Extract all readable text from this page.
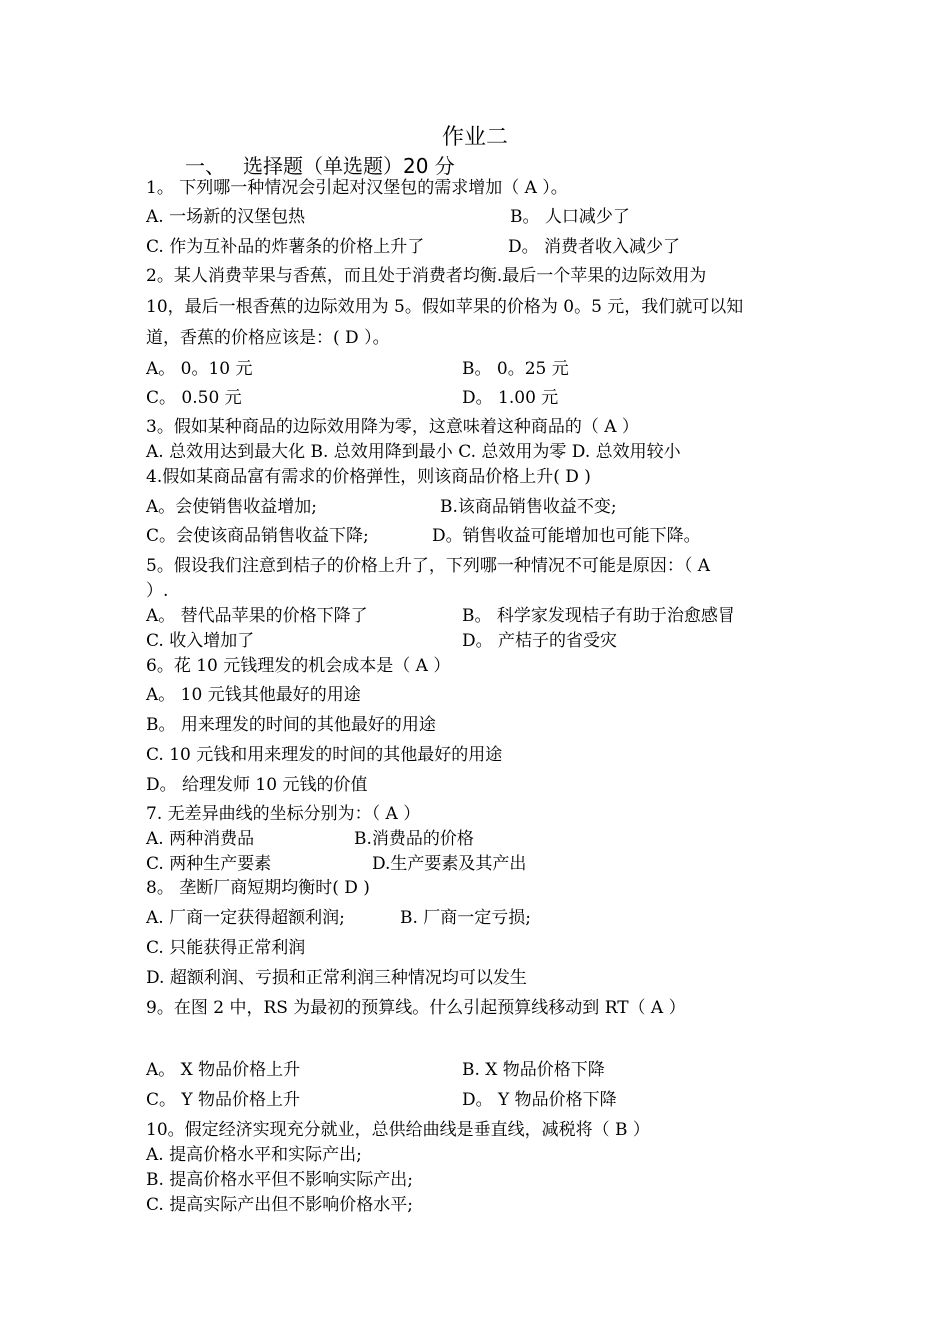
作业二
一、 选择题（单选题）20 分
1。 下列哪一种情况会引起对汉堡包的需求增加（ A ）。
A. 一场新的汉堡包热	B。 人口减少了
C. 作为互补品的炸薯条的价格上升了	D。 消费者收入减少了
2。某人消费苹果与香蕉，而且处于消费者均衡.最后一个苹果的边际效用为
10，最后一根香蕉的边际效用为 5。假如苹果的价格为 0。5 元，我们就可以知
道，香蕉的价格应该是：( D ）。
A。 0。10 元	B。 0。25 元
C。 0.50 元	D。 1.00 元
3。假如某种商品的边际效用降为零，这意味着这种商品的（ A ）
A. 总效用达到最大化 B. 总效用降到最小 C. 总效用为零 D. 总效用较小
4.假如某商品富有需求的价格弹性，则该商品价格上升( D )
A。会使销售收益增加;	B.该商品销售收益不变;
C。会使该商品销售收益下降;	D。销售收益可能增加也可能下降。
5。假设我们注意到桔子的价格上升了，下列哪一种情况不可能是原因：（ A
）.
A。 替代品苹果的价格下降了	B。 科学家发现桔子有助于治愈感冒
C. 收入增加了	D。 产桔子的省受灾
6。花 10 元钱理发的机会成本是（ A ）
A。 10 元钱其他最好的用途
B。 用来理发的时间的其他最好的用途
C. 10 元钱和用来理发的时间的其他最好的用途
D。 给理发师 10 元钱的价值
7. 无差异曲线的坐标分别为：（ A ）
A. 两种消费品	B.消费品的价格
C. 两种生产要素	D.生产要素及其产出
8。 垄断厂商短期均衡时( D )
A. 厂商一定获得超额利润;	B. 厂商一定亏损;
C. 只能获得正常利润
D. 超额利润、亏损和正常利润三种情况均可以发生
9。在图 2 中，RS 为最初的预算线。什么引起预算线移动到 RT（ A ）
A。 X 物品价格上升	B. X 物品价格下降
C。 Y 物品价格上升	D。 Y 物品价格下降
10。假定经济实现充分就业，总供给曲线是垂直线，减税将（ B ）
A. 提高价格水平和实际产出;
B. 提高价格水平但不影响实际产出;
C. 提高实际产出但不影响价格水平;
